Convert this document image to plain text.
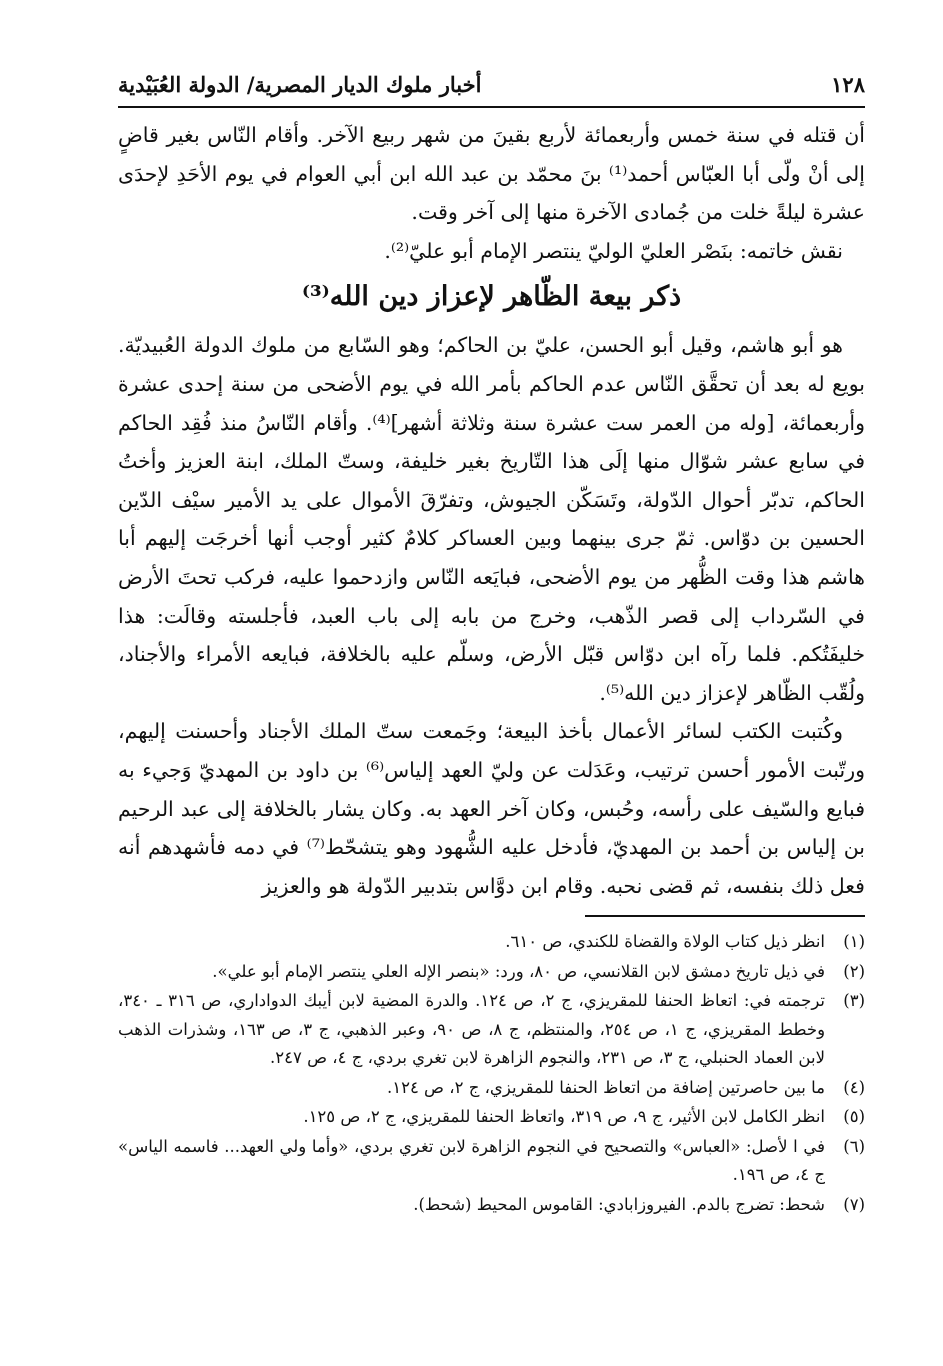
١٢٨
أخبار ملوك الديار المصرية/ الدولة العُبَيْدية

أن قتله في سنة خمس وأربعمائة لأربع بقينَ من شهر ربيع الآخر. وأقام النّاس بغير قاضٍ إلى أنْ ولّى أبا العبّاس أحمد⁽¹⁾ بنَ محمّد بن عبد الله ابن أبي العوام في يوم الأحَدِ لإحدَى عشرة ليلةً خلت من جُمادى الآخرة منها إلى آخر وقت.

نقش خاتمه: بنَصْر العليّ الوليّ ينتصر الإمام أبو عليّ⁽²⁾.

ذكر بيعة الظّاهر لإعزاز دين الله⁽³⁾

هو أبو هاشم، وقيل أبو الحسن، عليّ بن الحاكم؛ وهو السّابع من ملوك الدولة العُبيديّة. بويع له بعد أن تحقَّق النّاس عدم الحاكم بأمر الله في يوم الأضحى من سنة إحدى عشرة وأربعمائة، [وله من العمر ست عشرة سنة وثلاثة أشهر]⁽⁴⁾. وأقام النّاسُ منذ فُقِد الحاكم في سابع عشر شوّال منها إلَى هذا التّاريخ بغير خليفة، وستّ الملك، ابنة العزيز وأختُ الحاكم، تدبّر أحوال الدّولة، وتَسَكّن الجيوش، وتفرّقَ الأموال على يد الأمير سيْف الدّين الحسين بن دوّاس. ثمّ جرى بينهما وبين العساكر كلامٌ كثير أوجب أنها أخرجَت إليهم أبا هاشم هذا وقت الظُّهر من يوم الأضحى، فبايَعه النّاس وازدحموا عليه، فركب تحتَ الأرض في السّرداب إلى قصر الذّهب، وخرج من بابه إلى باب العبد، فأجلسته وقالَت: هذا خليفَتُكم. فلما رآه ابن دوّاس قبّل الأرض، وسلّم عليه بالخلافة، فبايعه الأمراء والأجناد، ولُقّب الظّاهر لإعزاز دين الله⁽⁵⁾.

وكُتبت الكتب لسائر الأعمال بأخذ البيعة؛ وجَمعت ستّ الملك الأجناد وأحسنت إليهم، ورتّبت الأمور أحسن ترتيب، وعَدَلت عن وليّ العهد إلياس⁽⁶⁾ بن داود بن المهديّ وَجيء به فبايع والسّيف على رأسه، وحُبس، وكان آخر العهد به. وكان يشار بالخلافة إلى عبد الرحيم بن إلياس بن أحمد بن المهديّ، فأدخل عليه الشُّهود وهو يتشحّط⁽⁷⁾ في دمه فأشهدهم أنه فعل ذلك بنفسه، ثم قضى نحبه. وقام ابن دوَّاس بتدبير الدّولة هو والعزيز

(١)
انظر ذيل كتاب الولاة والقضاة للكندي، ص ٦١٠.
(٢)
في ذيل تاريخ دمشق لابن القلانسي، ص ٨٠، ورد: «بنصر الإله العلي ينتصر الإمام أبو علي».
(٣)
ترجمته في: اتعاظ الحنفا للمقريزي، ج ٢، ص ١٢٤. والدرة المضية لابن أيبك الدواداري، ص ٣١٦ ـ ٣٤٠، وخطط المقريزي، ج ١، ص ٢٥٤، والمنتظم، ج ٨، ص ٩٠، وعبر الذهبي، ج ٣، ص ١٦٣، وشذرات الذهب لابن العماد الحنبلي، ج ٣، ص ٢٣١، والنجوم الزاهرة لابن تغري بردي، ج ٤، ص ٢٤٧.
(٤)
ما بين حاصرتين إضافة من اتعاظ الحنفا للمقريزي، ج ٢، ص ١٢٤.
(٥)
انظر الكامل لابن الأثير، ج ٩، ص ٣١٩، واتعاظ الحنفا للمقريزي، ج ٢، ص ١٢٥.
(٦)
في ا لأصل: «العباس» والتصحيح في النجوم الزاهرة لابن تغري بردي، «وأما ولي العهد... فاسمه الياس» ج ٤، ص ١٩٦.
(٧)
شحط: تضرج بالدم. الفيروزابادي: القاموس المحيط (شحط).
